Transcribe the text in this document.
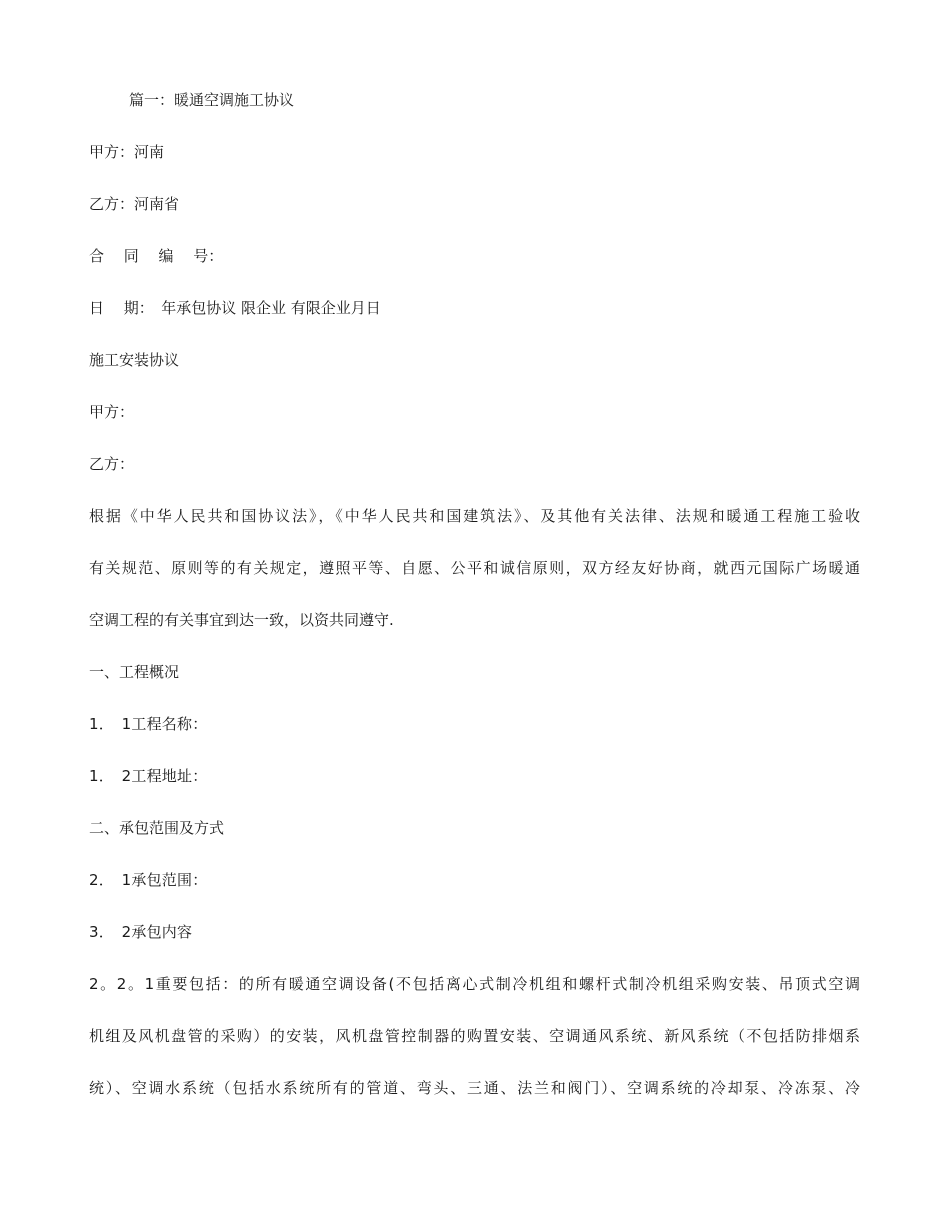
篇一：暖通空调施工协议
甲方：河南
乙方：河南省
合　 同　 编　 号：
日　 期：　年承包协议 限企业 有限企业月日
施工安装协议
甲方：
乙方：
根据《中华人民共和国协议法》，《中华人民共和国建筑法》、及其他有关法律、法规和暖通工程施工验收
有关规范、原则等的有关规定，遵照平等、自愿、公平和诚信原则，双方经友好协商，就西元国际广场暖通
空调工程的有关事宜到达一致，以资共同遵守.
一、工程概况
1．　1工程名称：
1．　2工程地址：
二、承包范围及方式
2．　1承包范围：
3．　2承包内容
2。2。1重要包括：的所有暖通空调设备(不包括离心式制冷机组和螺杆式制冷机组采购安装、吊顶式空调
机组及风机盘管的采购）的安装，风机盘管控制器的购置安装、空调通风系统、新风系统（不包括防排烟系
统）、空调水系统（包括水系统所有的管道、弯头、三通、法兰和阀门）、空调系统的冷却泵、冷冻泵、冷
